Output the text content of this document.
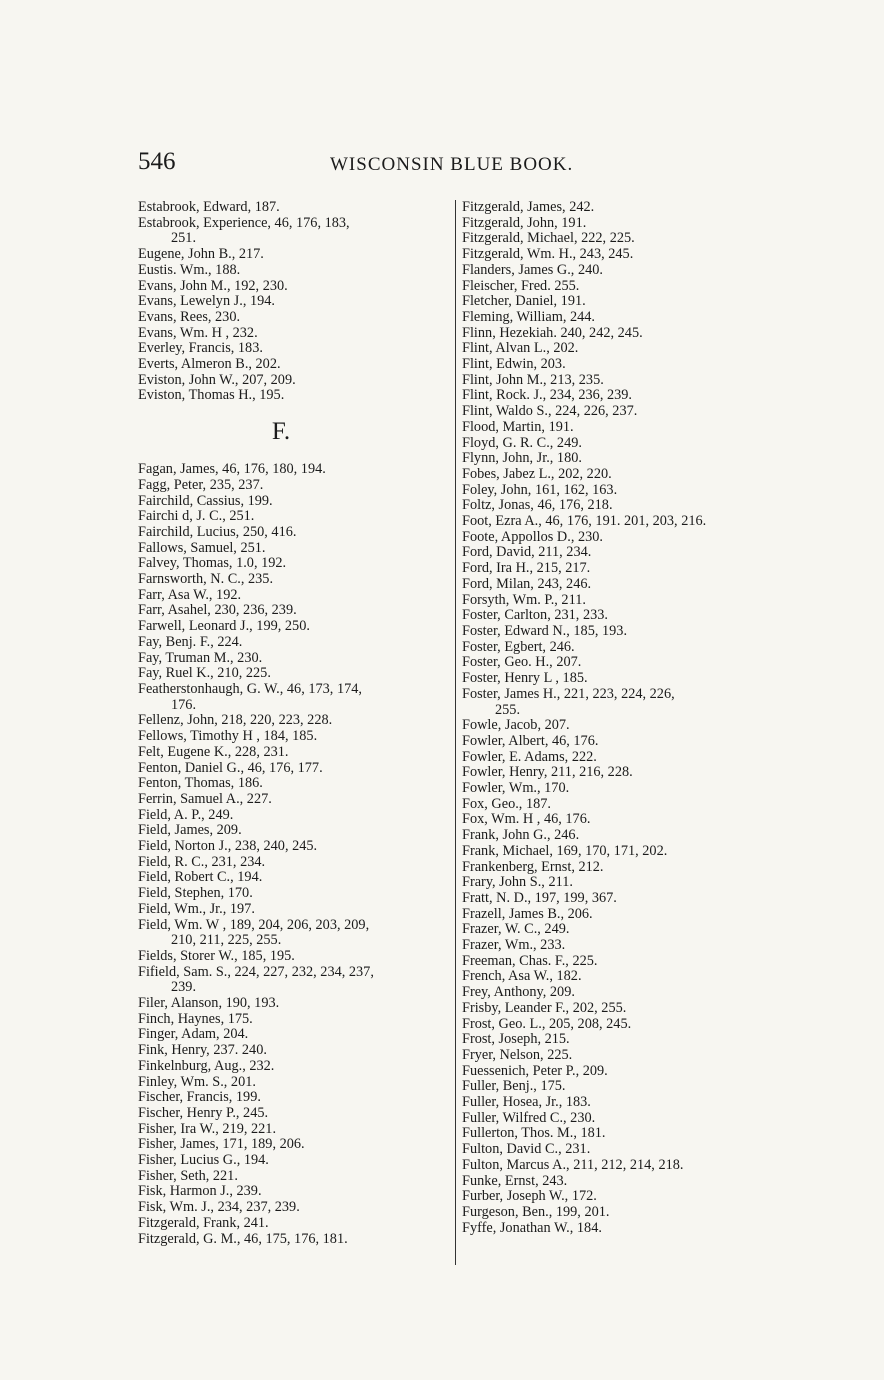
546	WISCONSIN BLUE BOOK.
Estabrook, Edward, 187.
Estabrook, Experience, 46, 176, 183,
251.
Eugene, John B., 217.
Eustis. Wm., 188.
Evans, John M., 192, 230.
Evans, Lewelyn J., 194.
Evans, Rees, 230.
Evans, Wm. H , 232.
Everley, Francis, 183.
Everts, Almeron B., 202.
Eviston, John W., 207, 209.
Eviston, Thomas H., 195.
F.
Fagan, James, 46, 176, 180, 194.
Fagg, Peter, 235, 237.
Fairchild, Cassius, 199.
Fairchi d, J. C., 251.
Fairchild, Lucius, 250, 416.
Fallows, Samuel, 251.
Falvey, Thomas, 1.0, 192.
Farnsworth, N. C., 235.
Farr, Asa W., 192.
Farr, Asahel, 230, 236, 239.
Farwell, Leonard J., 199, 250.
Fay, Benj. F., 224.
Fay, Truman M., 230.
Fay, Ruel K., 210, 225.
Featherstonhaugh, G. W., 46, 173, 174,
176.
Fellenz, John, 218, 220, 223, 228.
Fellows, Timothy H , 184, 185.
Felt, Eugene K., 228, 231.
Fenton, Daniel G., 46, 176, 177.
Fenton, Thomas, 186.
Ferrin, Samuel A., 227.
Field, A. P., 249.
Field, James, 209.
Field, Norton J., 238, 240, 245.
Field, R. C., 231, 234.
Field, Robert C., 194.
Field, Stephen, 170.
Field, Wm., Jr., 197.
Field, Wm. W , 189, 204, 206, 203, 209,
210, 211, 225, 255.
Fields, Storer W., 185, 195.
Fifield, Sam. S., 224, 227, 232, 234, 237,
239.
Filer, Alanson, 190, 193.
Finch, Haynes, 175.
Finger, Adam, 204.
Fink, Henry, 237. 240.
Finkelnburg, Aug., 232.
Finley, Wm. S., 201.
Fischer, Francis, 199.
Fischer, Henry P., 245.
Fisher, Ira W., 219, 221.
Fisher, James, 171, 189, 206.
Fisher, Lucius G., 194.
Fisher, Seth, 221.
Fisk, Harmon J., 239.
Fisk, Wm. J., 234, 237, 239.
Fitzgerald, Frank, 241.
Fitzgerald, G. M., 46, 175, 176, 181.
Fitzgerald, James, 242.
Fitzgerald, John, 191.
Fitzgerald, Michael, 222, 225.
Fitzgerald, Wm. H., 243, 245.
Flanders, James G., 240.
Fleischer, Fred. 255.
Fletcher, Daniel, 191.
Fleming, William, 244.
Flinn, Hezekiah. 240, 242, 245.
Flint, Alvan L., 202.
Flint, Edwin, 203.
Flint, John M., 213, 235.
Flint, Rock. J., 234, 236, 239.
Flint, Waldo S., 224, 226, 237.
Flood, Martin, 191.
Floyd, G. R. C., 249.
Flynn, John, Jr., 180.
Fobes, Jabez L., 202, 220.
Foley, John, 161, 162, 163.
Foltz, Jonas, 46, 176, 218.
Foot, Ezra A., 46, 176, 191. 201, 203, 216.
Foote, Appollos D., 230.
Ford, David, 211, 234.
Ford, Ira H., 215, 217.
Ford, Milan, 243, 246.
Forsyth, Wm. P., 211.
Foster, Carlton, 231, 233.
Foster, Edward N., 185, 193.
Foster, Egbert, 246.
Foster, Geo. H., 207.
Foster, Henry L , 185.
Foster, James H., 221, 223, 224, 226,
255.
Fowle, Jacob, 207.
Fowler, Albert, 46, 176.
Fowler, E. Adams, 222.
Fowler, Henry, 211, 216, 228.
Fowler, Wm., 170.
Fox, Geo., 187.
Fox, Wm. H , 46, 176.
Frank, John G., 246.
Frank, Michael, 169, 170, 171, 202.
Frankenberg, Ernst, 212.
Frary, John S., 211.
Fratt, N. D., 197, 199, 367.
Frazell, James B., 206.
Frazer, W. C., 249.
Frazer, Wm., 233.
Freeman, Chas. F., 225.
French, Asa W., 182.
Frey, Anthony, 209.
Frisby, Leander F., 202, 255.
Frost, Geo. L., 205, 208, 245.
Frost, Joseph, 215.
Fryer, Nelson, 225.
Fuessenich, Peter P., 209.
Fuller, Benj., 175.
Fuller, Hosea, Jr., 183.
Fuller, Wilfred C., 230.
Fullerton, Thos. M., 181.
Fulton, David C., 231.
Fulton, Marcus A., 211, 212, 214, 218.
Funke, Ernst, 243.
Furber, Joseph W., 172.
Furgeson, Ben., 199, 201.
Fyffe, Jonathan W., 184.
